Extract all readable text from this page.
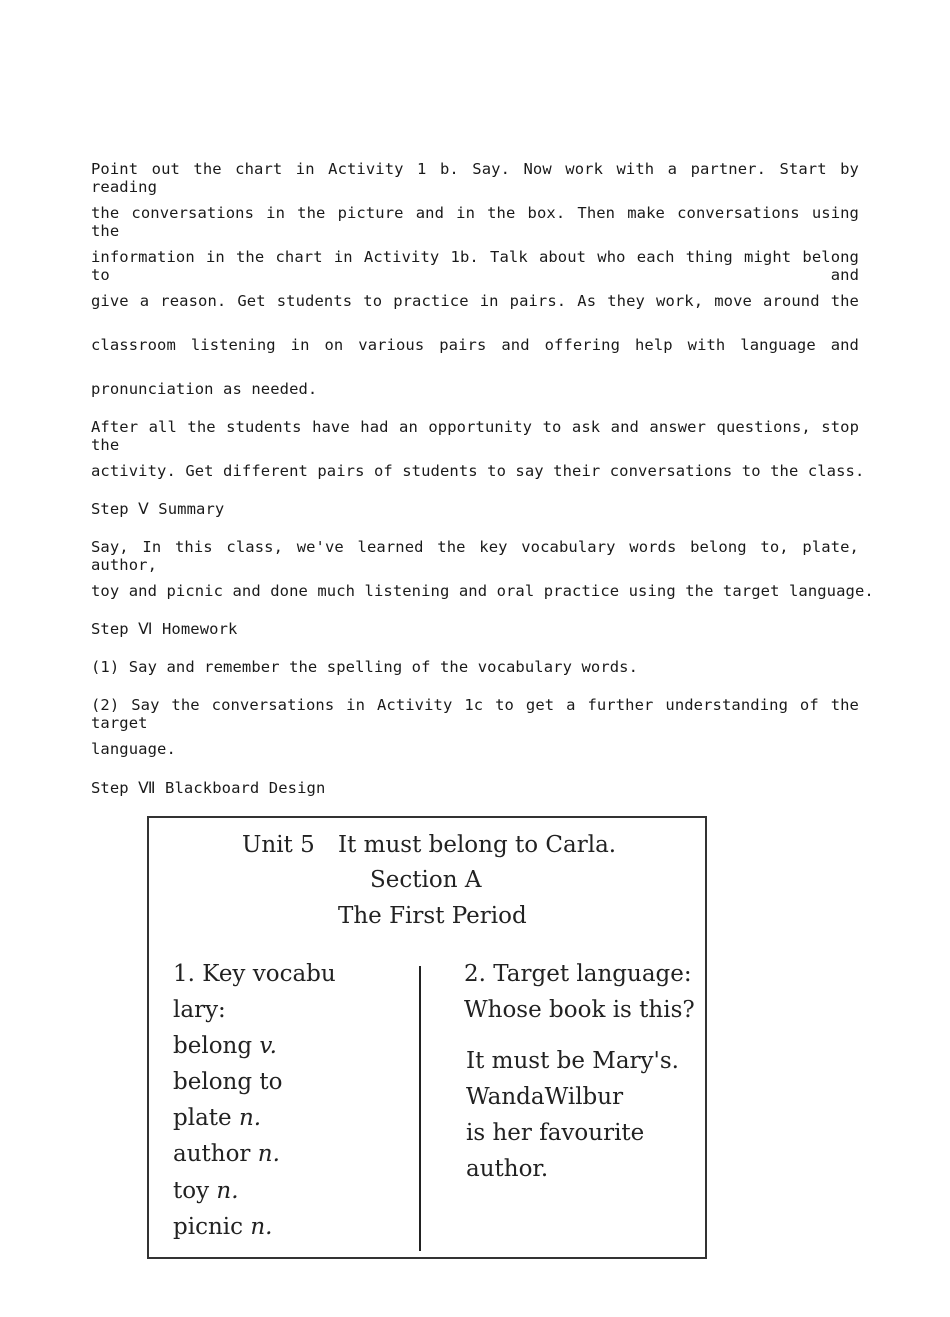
Point out the chart in Activity 1 b. Say. Now work with a partner. Start by reading
the conversations in the picture and in the box. Then make conversations using the
information in the chart in Activity 1b. Talk about who each thing might belong to and
give a reason. Get students to practice in pairs. As they work, move around the
classroom listening in on various pairs and offering help with language and
pronunciation as needed.
After all the students have had an opportunity to ask and answer questions, stop the
activity. Get different pairs of students to say their conversations to the class.
Step Ⅴ Summary
Say, In this class, we've learned the key vocabulary words belong to, plate, author,
toy and picnic and done much listening and oral practice using the target language.
Step Ⅵ Homework
(1) Say and remember the spelling of the vocabulary words.
(2) Say the conversations in Activity 1c to get a further understanding of the target
language.
Step Ⅶ Blackboard Design
Unit 5 It must belong to Carla.
Section A
The First Period
1. Key vocabu
lary:
belong v.
belong to
plate n.
author n.
toy n.
picnic n.
2. Target language:
Whose book is this?
It must be Mary's.
WandaWilbur
is her favourite
author.
